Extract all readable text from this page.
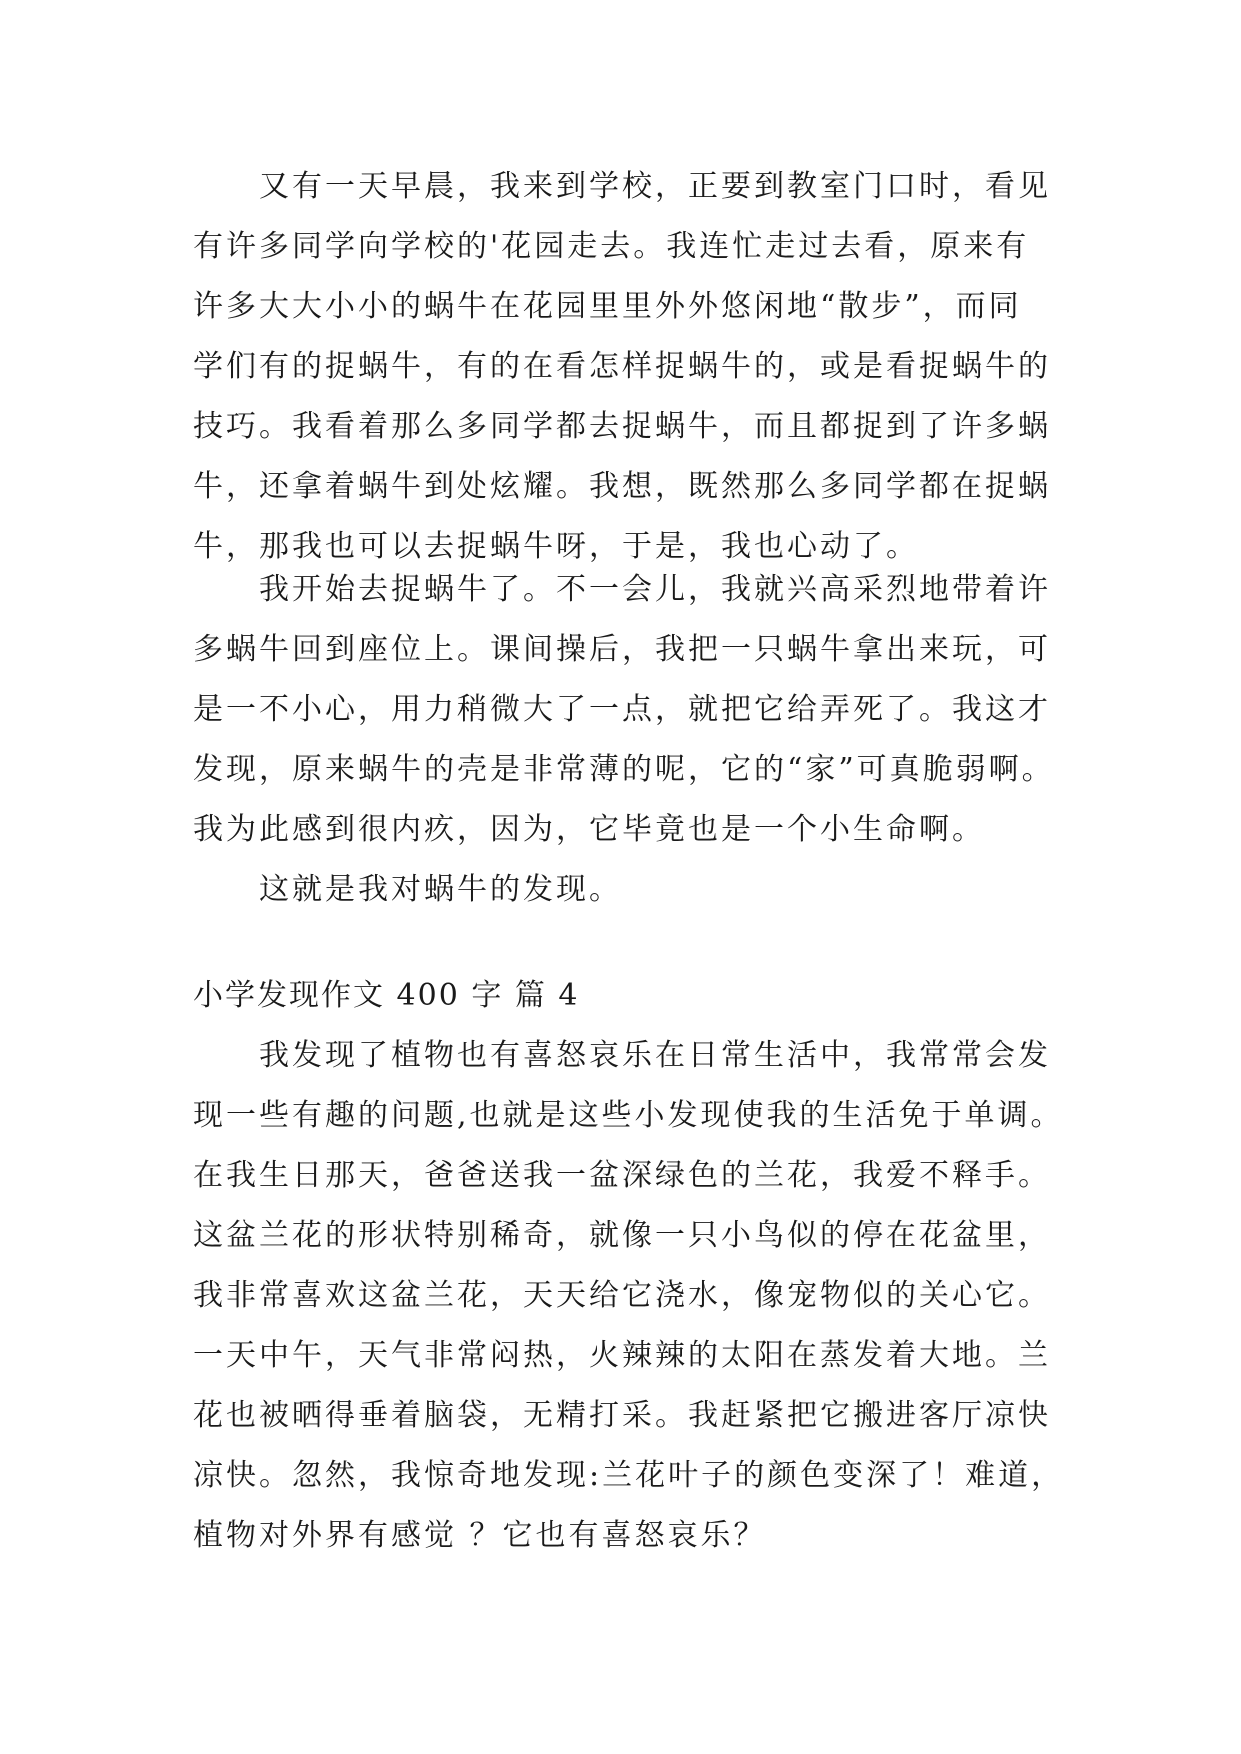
　　又有一天早晨，我来到学校，正要到教室门口时，看见
有许多同学向学校的'花园走去。我连忙走过去看，原来有
许多大大小小的蜗牛在花园里里外外悠闲地“散步”，而同
学们有的捉蜗牛，有的在看怎样捉蜗牛的，或是看捉蜗牛的
技巧。我看着那么多同学都去捉蜗牛，而且都捉到了许多蜗
牛，还拿着蜗牛到处炫耀。我想，既然那么多同学都在捉蜗
牛，那我也可以去捉蜗牛呀，于是，我也心动了。
　　我开始去捉蜗牛了。不一会儿，我就兴高采烈地带着许
多蜗牛回到座位上。课间操后，我把一只蜗牛拿出来玩，可
是一不小心，用力稍微大了一点，就把它给弄死了。我这才
发现，原来蜗牛的壳是非常薄的呢，它的“家”可真脆弱啊。
我为此感到很内疚，因为，它毕竟也是一个小生命啊。
　　这就是我对蜗牛的发现。
小学发现作文 400 字 篇 4
　　我发现了植物也有喜怒哀乐在日常生活中，我常常会发
现一些有趣的问题,也就是这些小发现使我的生活免于单调。
在我生日那天，爸爸送我一盆深绿色的兰花，我爱不释手。
这盆兰花的形状特别稀奇，就像一只小鸟似的停在花盆里，
我非常喜欢这盆兰花，天天给它浇水，像宠物似的关心它。
一天中午，天气非常闷热，火辣辣的太阳在蒸发着大地。兰
花也被晒得垂着脑袋，无精打采。我赶紧把它搬进客厅凉快
凉快。忽然，我惊奇地发现:兰花叶子的颜色变深了！难道，
植物对外界有感觉 ？它也有喜怒哀乐？
